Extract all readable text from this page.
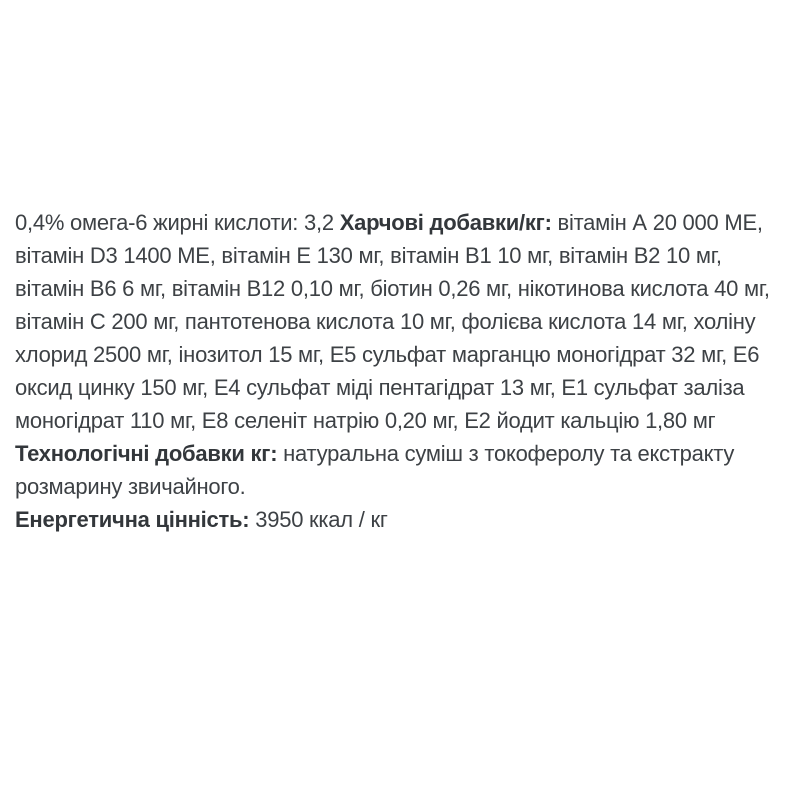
0,4% омега-6 жирні кислоти: 3,2 Харчові добавки/кг: вітамін А 20 000 МЕ, вітамін D3 1400 МЕ, вітамін Е 130 мг, вітамін В1 10 мг, вітамін В2 10 мг, вітамін В6 6 мг, вітамін В12 0,10 мг, біотин 0,26 мг, нікотинова кислота 40 мг, вітамін С 200 мг, пантотенова кислота 10 мг, фолієва кислота 14 мг, холіну хлорид 2500 мг, інозитол 15 мг, Е5 сульфат марганцю моногідрат 32 мг, Е6 оксид цинку 150 мг, Е4 сульфат міді пентагідрат 13 мг, Е1 сульфат заліза моногідрат 110 мг, Е8 селеніт натрію 0,20 мг, Е2 йодит кальцію 1,80 мг

Технологічні добавки кг: натуральна суміш з токоферолу та екстракту розмарину звичайного.

Енергетична цінність: 3950 ккал / кг
